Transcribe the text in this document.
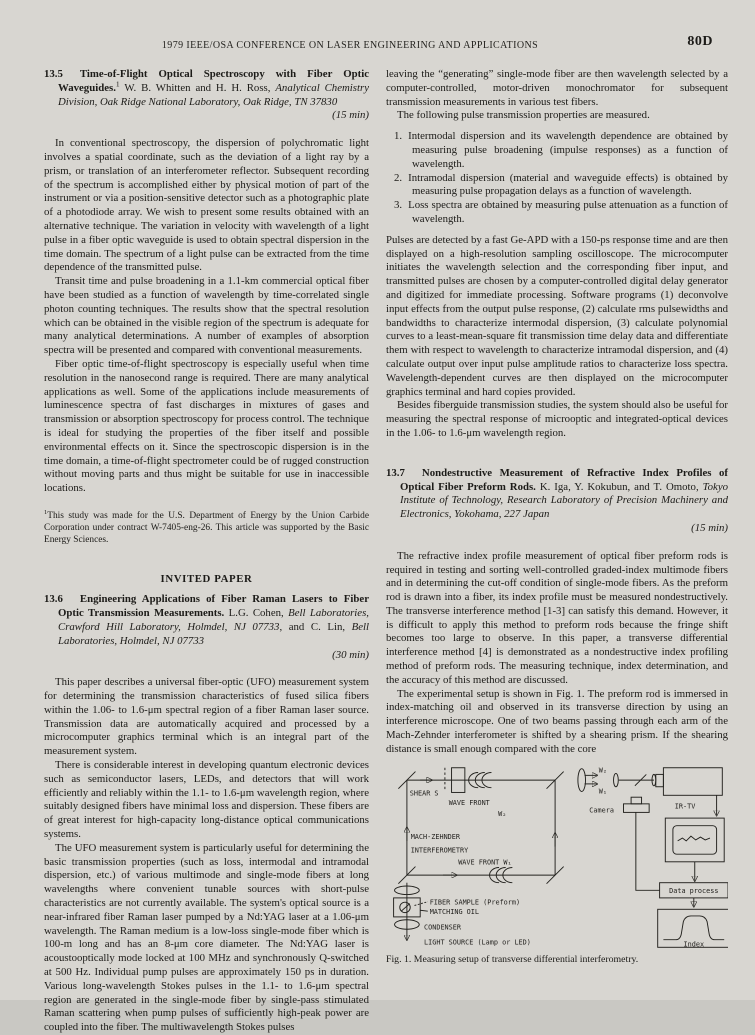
1979 IEEE/OSA CONFERENCE ON LASER ENGINEERING AND APPLICATIONS	80D

13.5 Time-of-Flight Optical Spectroscopy with Fiber Optic Waveguides.$^1$ W. B. Whitten and H. H. Ross, Analytical Chemistry Division, Oak Ridge National Laboratory, Oak Ridge, TN 37830

(15 min)

In conventional spectroscopy, the dispersion of polychromatic light involves a spatial coordinate, such as the deviation of a light ray by a prism, or translation of an interferometer reflector. Subsequent recording of the spectrum is accomplished either by physical motion of part of the instrument or via a position-sensitive detector such as a photographic plate of a photodiode array. We wish to present some results obtained with an alternative technique. The variation in velocity with wavelength of a light pulse in a fiber optic waveguide is used to obtain spectral dispersion in the time domain. The spectrum of a light pulse can be extracted from the time dependence of the transmitted pulse.

Transit time and pulse broadening in a 1.1-km commercial optical fiber have been studied as a function of wavelength by time-correlated single photon counting techniques. The results show that the spectral resolution which can be obtained in the visible region of the spectrum is adequate for many analytical determinations. A number of examples of absorption spectra will be presented and compared with conventional measurements.

Fiber optic time-of-flight spectroscopy is especially useful when time resolution in the nanosecond range is required. There are many analytical applications as well. Some of the applications include measurements of luminescence spectra of fast discharges in mixtures of gases and transmission or absorption spectroscopy for process control. The technique is ideal for studying the properties of the fiber itself and possible environmental effects on it. Since the spectroscopic dispersion is in the time domain, a time-of-flight spectrometer could be of rugged construction without moving parts and thus might be suitable for use in inaccessible locations.

$^1$This study was made for the U.S. Department of Energy by the Union Carbide Corporation under contract W-7405-eng-26. This article was supported by the Basic Energy Sciences.

INVITED PAPER

13.6 Engineering Applications of Fiber Raman Lasers to Fiber Optic Transmission Measurements. L.G. Cohen, Bell Laboratories, Crawford Hill Laboratory, Holmdel, NJ 07733, and C. Lin, Bell Laboratories, Holmdel, NJ 07733

(30 min)

This paper describes a universal fiber-optic (UFO) measurement system for determining the transmission characteristics of fused silica fibers within the 1.06- to 1.6-μm spectral region of a fiber Raman laser source. Transmission data are automatically acquired and processed by a microcomputer graphics terminal which is an integral part of the measurement system.

There is considerable interest in developing quantum electronic devices such as semiconductor lasers, LEDs, and detectors that will work efficiently and reliably within the 1.1- to 1.6-μm wavelength region, where suitably designed fibers have minimal loss and dispersion. These fibers are of great interest for high-capacity long-distance optical communications systems.

The UFO measurement system is particularly useful for determining the basic transmission properties (such as loss, intermodal and intramodal dispersion, etc.) of various multimode and single-mode fibers at long wavelengths where convenient tunable sources with short-pulse characteristics are not currently available. The system's optical source is a near-infrared fiber Raman laser pumped by a Nd:YAG laser at a 1.06-μm wavelength. The Raman medium is a low-loss single-mode fiber which is 100-m long and has an 8-μm core diameter. The Nd:YAG laser is acoustooptically mode locked at 100 MHz and synchronously Q-switched at 500 Hz. Individual pump pulses are approximately 150 ps in duration. Various long-wavelength Stokes pulses in the 1.1- to 1.6-μm spectral region are generated in the single-mode fiber by single-pass stimulated Raman scattering when pump pulses of sufficiently high-peak power are coupled into the fiber. The multiwavelength Stokes pulses

leaving the “generating” single-mode fiber are then wavelength selected by a computer-controlled, motor-driven monochromator for subsequent transmission measurements in various test fibers.

The following pulse transmission properties are measured.

1. Intermodal dispersion and its wavelength dependence are obtained by measuring pulse broadening (impulse responses) as a function of wavelength.

2. Intramodal dispersion (material and waveguide effects) is obtained by measuring pulse propagation delays as a function of wavelength.

3. Loss spectra are obtained by measuring pulse attenuation as a function of wavelength.

Pulses are detected by a fast Ge-APD with a 150-ps response time and are then displayed on a high-resolution sampling oscilloscope. The microcomputer initiates the wavelength selection and the corresponding fiber input, and transmitted pulses are chosen by a computer-controlled digital delay generator and digitized for immediate processing. Software programs (1) deconvolve input effects from the output pulse response, (2) calculate rms pulsewidths and bandwidths to characterize intermodal dispersion, (3) calculate polynomial curves to a least-mean-square fit transmission time delay data and differentiate them with respect to wavelength to characterize intramodal dispersion, and (4) calculate output over input pulse amplitude ratios to characterize loss spectra. Wavelength-dependent curves are then displayed on the microcomputer graphics terminal and hard copies provided.

Besides fiberguide transmission studies, the system should also be useful for measuring the spectral response of microoptic and integrated-optical devices in the 1.06- to 1.6-μm wavelength region.

13.7 Nondestructive Measurement of Refractive Index Profiles of Optical Fiber Preform Rods. K. Iga, Y. Kokubun, and T. Omoto, Tokyo Institute of Technology, Research Laboratory of Precision Machinery and Electronics, Yokohama, 227 Japan

(15 min)

The refractive index profile measurement of optical fiber preform rods is required in testing and sorting well-controlled graded-index multimode fibers and in determining the cut-off condition of single-mode fibers. As the preform rod is drawn into a fiber, its index profile must be measured nondestructively. The transverse interference method [1-3] can satisfy this demand. However, it is difficult to apply this method to preform rods because the fringe shift becomes too large to observe. In this paper, a transverse differential interference method [4] is demonstrated as a nondestructive index profiling method of preform rods. The measuring technique, index determination, and the accuracy of this method are discussed.

The experimental setup is shown in Fig. 1. The preform rod is immersed in index-matching oil and observed in its transverse direction by using an interference microscope. One of two beams passing through each arm of the Mach-Zehnder interferometer is shifted by a shearing prism. If the shearing distance is small enough compared with the core

SHEAR S
WAVE FRONT
W₂
MACH-ZEHNDER
INTERFEROMETRY
WAVE FRONT W₁
W₂
W₁
Camera	IR-TV
Data process
Index
FIBER SAMPLE (Preform)
MATCHING OIL
CONDENSER
LIGHT SOURCE (Lamp or LED)

Fig. 1. Measuring setup of transverse differential interferometry.
